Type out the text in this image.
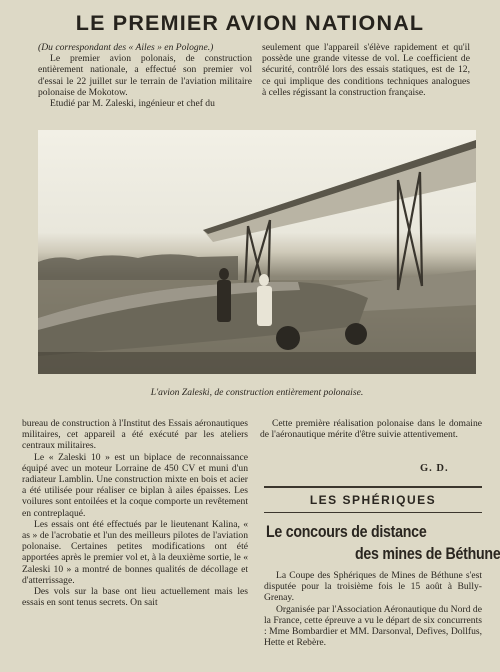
LE PREMIER AVION NATIONAL

(Du correspondant des « Ailes » en Pologne.)

Le premier avion polonais, de construction entièrement nationale, a effectué son premier vol d'essai le 22 juillet sur le terrain de l'aviation militaire polonaise de Mokotow.

Etudié par M. Zaleski, ingénieur et chef du

seulement que l'appareil s'élève rapidement et qu'il possède une grande vitesse de vol. Le coefficient de sécurité, contrôlé lors des essais statiques, est de 12, ce qui implique des conditions techniques analogues à celles régissant la construction française.

L'avion Zaleski, de construction entièrement polonaise.

bureau de construction à l'Institut des Essais aéronautiques militaires, cet appareil a été exécuté par les ateliers centraux militaires.

Le « Zaleski 10 » est un biplace de reconnaissance équipé avec un moteur Lorraine de 450 CV et muni d'un radiateur Lamblin. Une construction mixte en bois et acier a été utilisée pour réaliser ce biplan à ailes épaisses. Les voilures sont entoilées et la coque comporte un revêtement en contreplaqué.

Les essais ont été effectués par le lieutenant Kalina, « as » de l'acrobatie et l'un des meilleurs pilotes de l'aviation polonaise. Certaines petites modifications ont été apportées après le premier vol et, à la deuxième sortie, le « Zaleski 10 » a montré de bonnes qualités de décollage et d'atterrissage.

Des vols sur la base ont lieu actuellement mais les essais en sont tenus secrets. On sait

Cette première réalisation polonaise dans le domaine de l'aéronautique mérite d'être suivie attentivement.

G. D.
LES SPHÉRIQUES
Le concours de distance
des mines de Béthune

La Coupe des Sphériques de Mines de Béthune s'est disputée pour la troisième fois le 15 août à Bully-Grenay.

Organisée par l'Association Aéronautique du Nord de la France, cette épreuve a vu le départ de six concurrents : Mme Bombardier et MM. Darsonval, Defives, Dollfus, Hette et Rebère.
